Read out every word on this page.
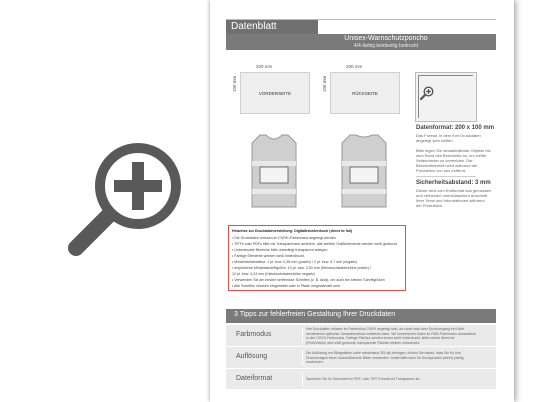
Datenblatt
Unisex-Warnschutzponcho
4/4-farbig beidseitig bedruckt
200 mm
100 mm
VORDERSEITE
200 mm
100 mm
RÜCKSEITE
Datenformat: 200 x 100 mm
Das Format, in dem Ihre Druckdaten
angelegt sein sollten.
Bitte legen Sie randabfallende Objekte bis
zum Rand des Beschnitts an, um weiße
Seitenränder zu vermeiden. Der
Beschnittbereich wird während der
Produktion von uns entfernt.
Sicherheitsabstand: 3 mm
Dieser wird vom Endformat aus gemessen
und verhindert unerwünschten Anschnitt
Ihrer Texte und Informationen während
der Produktion.
Hinweise zur Druckdatenerstellung: Digitaltransferdruck (direct to foil)
• Die Druckdaten müssen im CMYK-Farbmodus angelegt werden.
• TIFFs oder PDFs bitte mit Transparenzen anliefern, alle weißen Grafikelemente werden weiß gedruckt.
• Unbedruckte Bereiche bitte unbedingt transparent anlegen.
• Farbige Elemente werden weiß hinterdruckt.
• Mindeststrichstärke: 1 pt. bzw. 0,35 mm (positiv) / 2 pt. bzw. 0,7 mm (negativ)
• empfohlene Mindestschriftgröße: 10 pt. bzw. 3,53 mm (Kleinbuchstabenhöhe positiv) /
12 pt. bzw. 4,24 mm (Kleinbuchstabenhöhe negativ)
• Verwenden Sie am besten serifenlose Schriften (z. B. Arial), um auch bei kleinen Schriftgrößen
• Alle Schriften müssen eingebettet oder in Pfade umgewandelt sein.
3 Tipps zur fehlerfreien Gestaltung Ihrer Druckdaten
Farbmodus
Ihre Druckdaten müssen im Farbmodus CMYK angelegt sein, da sonst nach dem Druckvorgang ein Nicht
vermiedener optischer Gesamteindruck entstehen kann. Wir konvertieren Daten im RGB-Farbmodus automatisch
in den CMYK-Farbmodus. Farbige Flächen werden immer weiß hinterdruckt, leider werde Bereiche
(Pixel/Vektor) wird weiß gedruckt, transparente Flächen bleiben unbedruckt.
Auflösung	Die Auflösung von Bildgrafiken sollte mindestens 300 dpi betragen. Achten Sie darauf, dass Sie für Ihre
Druckvorlagen keine hochauflösende Bilder verwenden. Andernfalls kann Ihr Druckprodukt (leicht) pixelig
erscheinen.
Dateiformat	Speichern Sie Ihr Dokument im PDF- oder TIFF-Format mit Transparenz ab.
